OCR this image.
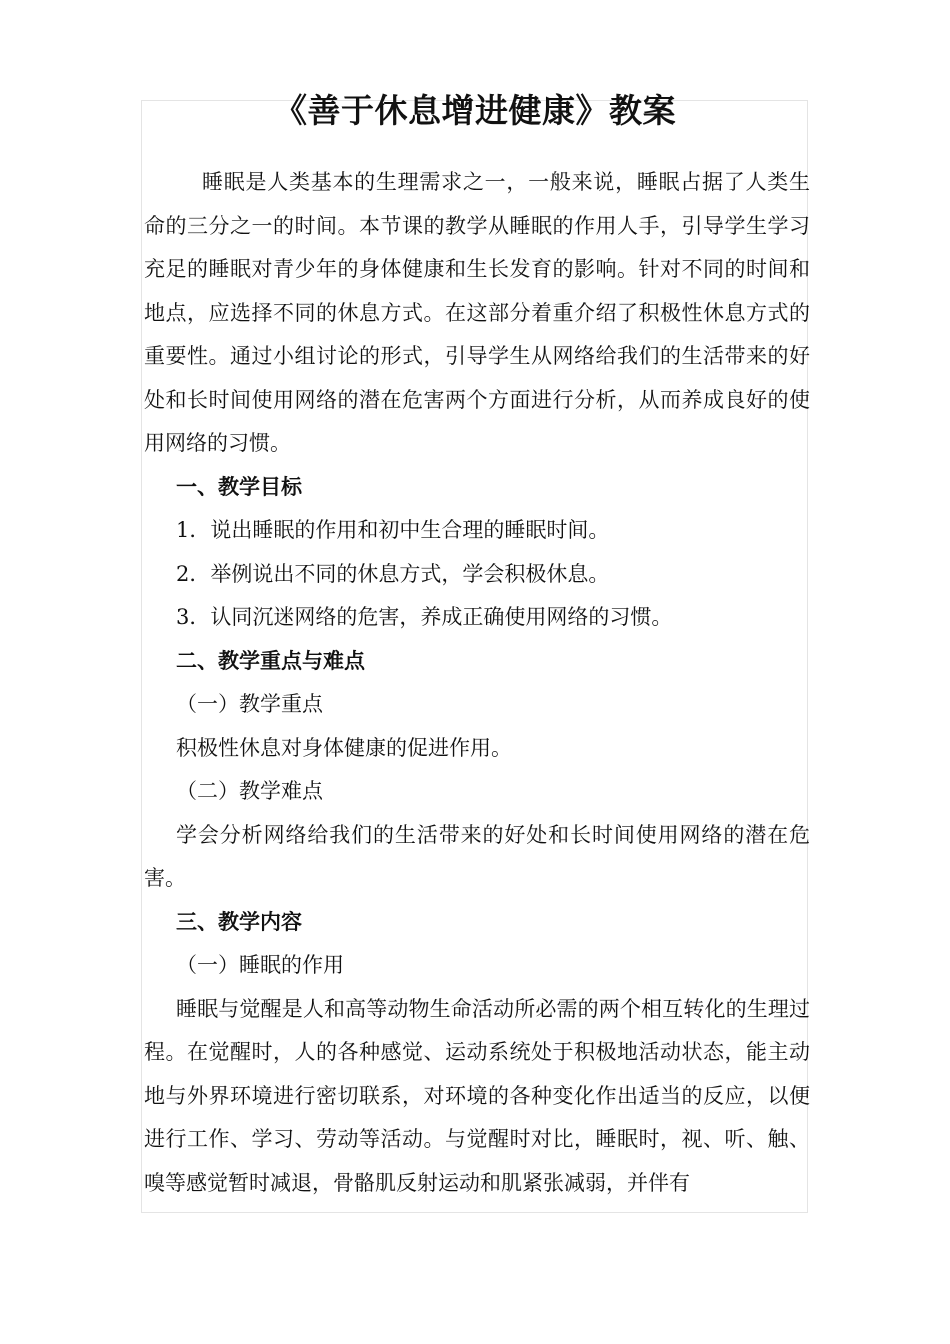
《善于休息增进健康》教案

睡眠是人类基本的生理需求之一，一般来说，睡眠占据了人类生命的三分之一的时间。本节课的教学从睡眠的作用人手，引导学生学习充足的睡眠对青少年的身体健康和生长发育的影响。针对不同的时间和地点，应选择不同的休息方式。在这部分着重介绍了积极性休息方式的重要性。通过小组讨论的形式，引导学生从网络给我们的生活带来的好处和长时间使用网络的潜在危害两个方面进行分析，从而养成良好的使用网络的习惯。

一、教学目标

1．说出睡眠的作用和初中生合理的睡眠时间。

2．举例说出不同的休息方式，学会积极休息。

3．认同沉迷网络的危害，养成正确使用网络的习惯。

二、教学重点与难点

（一）教学重点

积极性休息对身体健康的促进作用。

（二）教学难点

学会分析网络给我们的生活带来的好处和长时间使用网络的潜在危害。

三、教学内容

（一）睡眠的作用

睡眠与觉醒是人和高等动物生命活动所必需的两个相互转化的生理过程。在觉醒时，人的各种感觉、运动系统处于积极地活动状态，能主动地与外界环境进行密切联系，对环境的各种变化作出适当的反应，以便进行工作、学习、劳动等活动。与觉醒时对比，睡眠时，视、听、触、嗅等感觉暂时减退，骨骼肌反射运动和肌紧张减弱，并伴有
